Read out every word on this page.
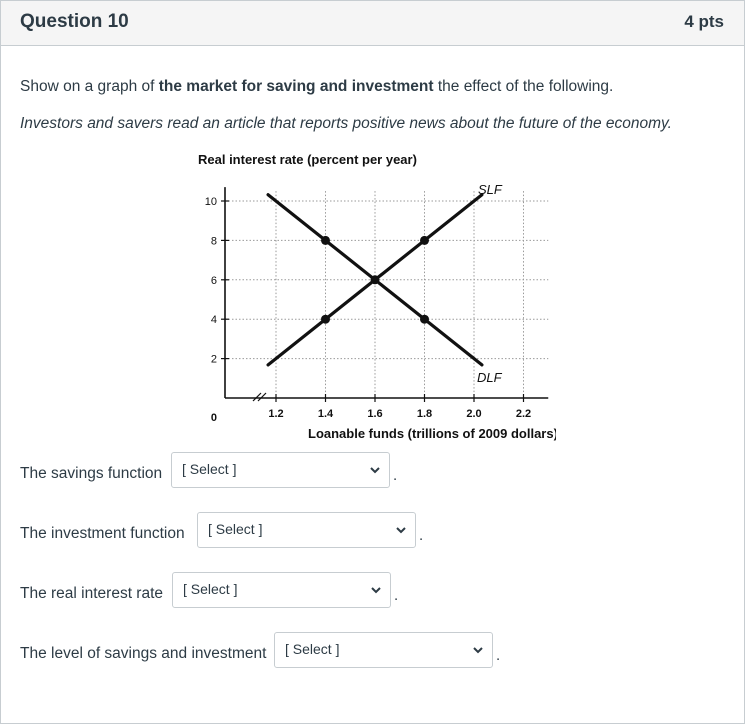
Question 10	4 pts
Show on a graph of the market for saving and investment the effect of the following.
Investors and savers read an article that reports positive news about the future of the economy.
Real interest rate (percent per year)
10
8
6
4
2
0	1.2	1.4	1.6	1.8	2.0	2.2
SLF
DLF
Loanable funds (trillions of 2009 dollars)
The savings function [ Select ]	.
The investment function [ Select ]	.
The real interest rate [ Select ]	.
The level of savings and investment [ Select ]	.
